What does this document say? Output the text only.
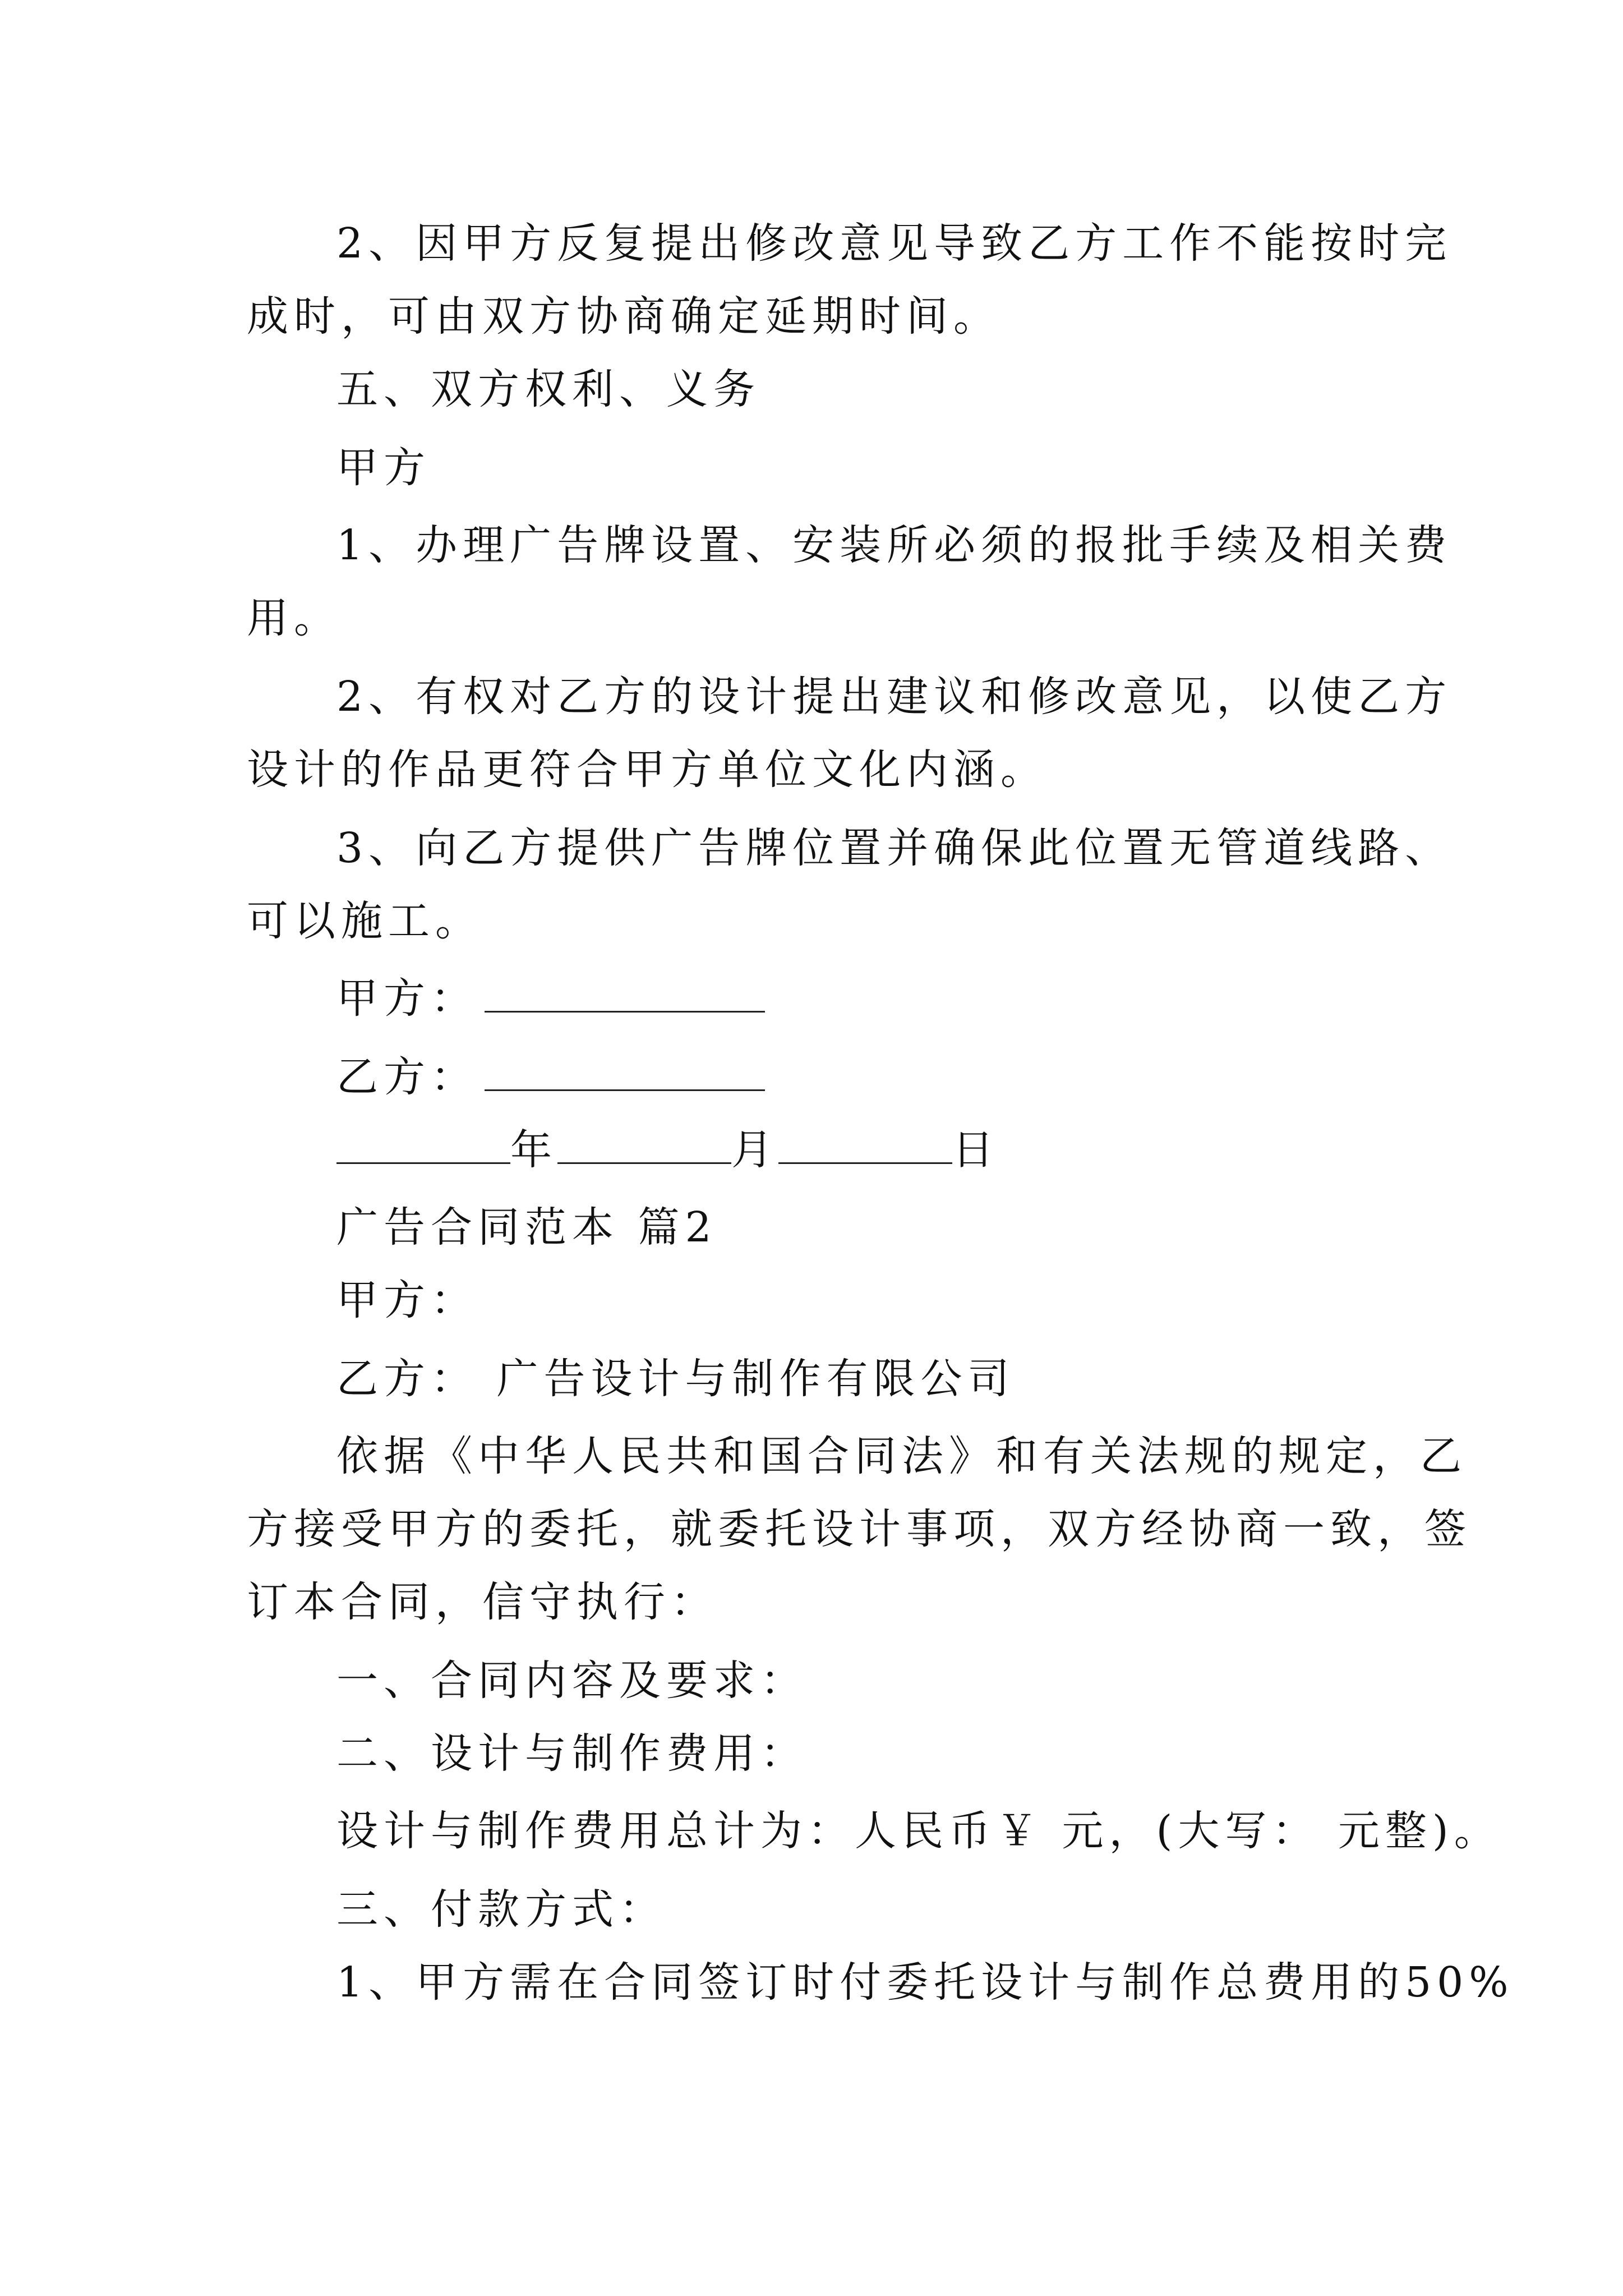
2、因甲方反复提出修改意见导致乙方工作不能按时完
成时，可由双方协商确定延期时间。
五、双方权利、义务
甲方
1、办理广告牌设置、安装所必须的报批手续及相关费
用。
2、有权对乙方的设计提出建议和修改意见，以使乙方
设计的作品更符合甲方单位文化内涵。
3、向乙方提供广告牌位置并确保此位置无管道线路、
可以施工。
甲方：
乙方：
年	月	日
广告合同范本 篇2
甲方：
乙方： 广告设计与制作有限公司
依据《中华人民共和国合同法》和有关法规的规定，乙
方接受甲方的委托，就委托设计事项，双方经协商一致，签
订本合同，信守执行：
一、合同内容及要求：
二、设计与制作费用：
设计与制作费用总计为：人民币￥ 元，(大写： 元整)。
三、付款方式：
1、甲方需在合同签订时付委托设计与制作总费用的50%
